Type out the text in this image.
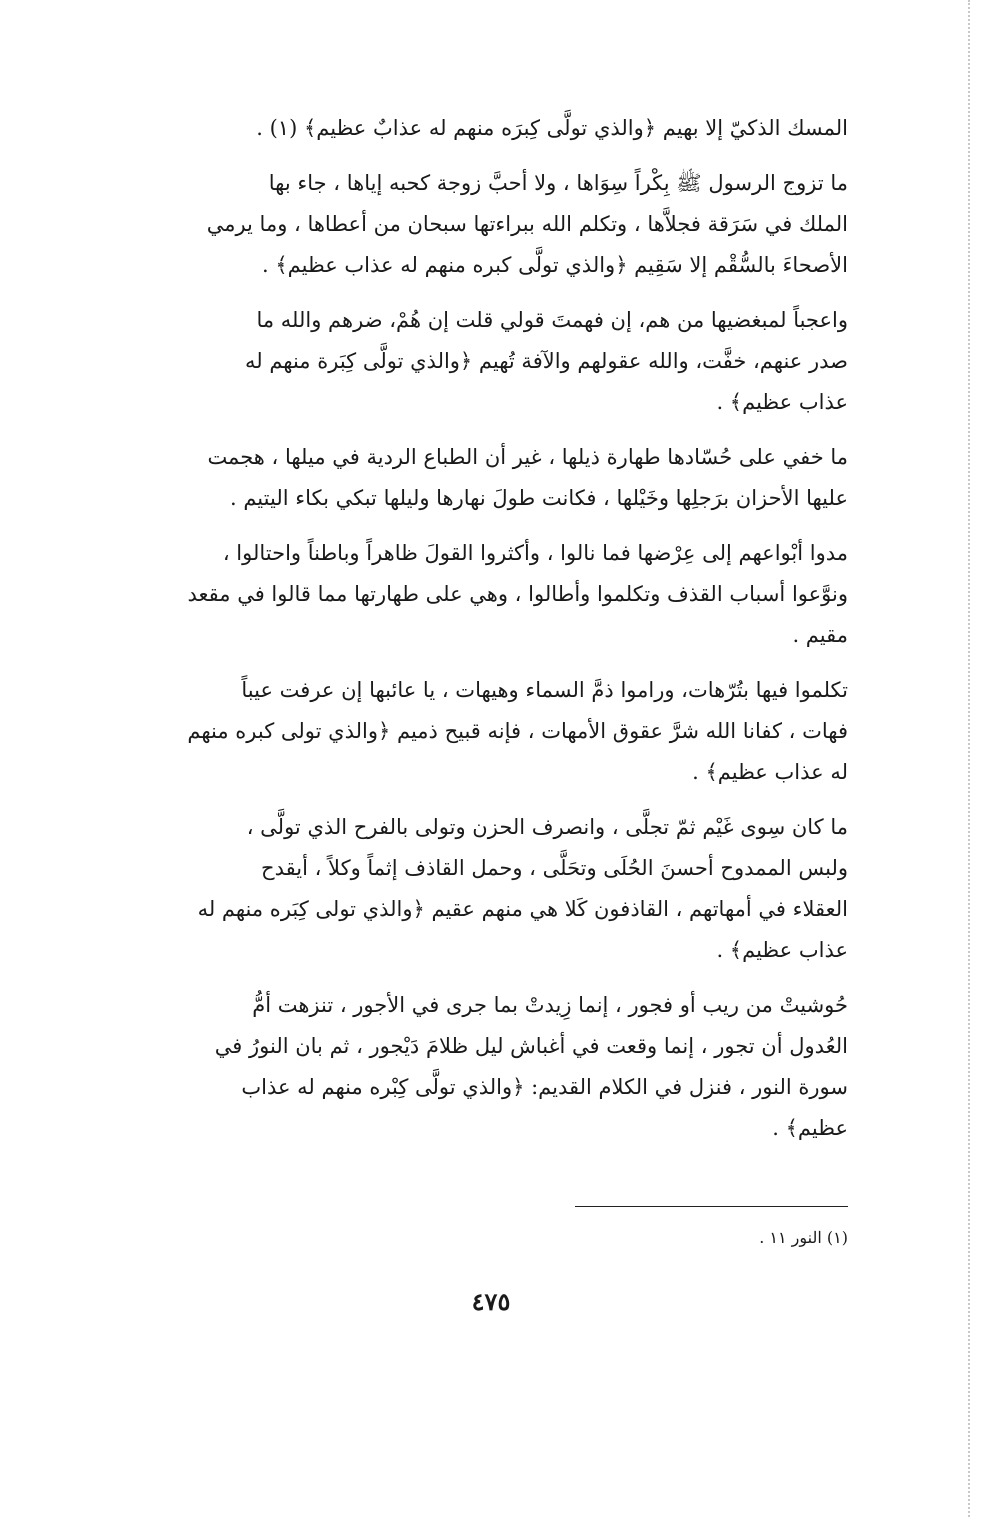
المسك الذكيّ إلا بهيم ﴿والذي تولَّى كِبرَه منهم له عذابٌ عظيم﴾ (١) .
ما تزوج الرسول ﷺ بِكْراً سِوَاها ، ولا أحبَّ زوجة كحبه إياها ، جاء بها
الملك في سَرَقة فجلاَّها ، وتكلم الله ببراءتها سبحان من أعطاها ، وما يرمي
الأصحاءَ بالسُّقْم إلا سَقِيم ﴿والذي تولَّى كبره منهم له عذاب عظيم﴾ .
واعجباً لمبغضيها من هم، إن فهمتَ قولي قلت إن هُمْ، ضرهم والله ما
صدر عنهم، خفَّت، والله عقولهم والآفة تُهيم ﴿والذي تولَّى كِبَرة منهم له
عذاب عظيم﴾ .
ما خفي على حُسّادها طهارة ذيلها ، غير أن الطباع الردية في ميلها ، هجمت
عليها الأحزان برَجلِها وخَيْلها ، فكانت طولَ نهارها وليلها تبكي بكاء اليتيم .
مدوا أبْواعهم إلى عِرْضها فما نالوا ، وأكثروا القولَ ظاهراً وباطناً واحتالوا ،
ونوَّعوا أسباب القذف وتكلموا وأطالوا ، وهي على طهارتها مما قالوا في مقعد
مقيم .
تكلموا فيها بتُرّهات، وراموا ذمَّ السماء وهيهات ، يا عائبها إن عرفت عيباً
فهات ، كفانا الله شرَّ عقوق الأمهات ، فإنه قبيح ذميم ﴿والذي تولى كبره منهم
له عذاب عظيم﴾ .
ما كان سِوى غَيْم ثمّ تجلَّى ، وانصرف الحزن وتولى بالفرح الذي تولَّى ،
ولبس الممدوح أحسنَ الحُلَى وتحَلَّى ، وحمل القاذف إثماً وكلاً ، أيقدح
العقلاء في أمهاتهم ، القاذفون كَلا هي منهم عقيم ﴿والذي تولى كِبَره منهم له
عذاب عظيم﴾ .
حُوشيتْ من ريب أو فجور ، إنما زِيدتْ بما جرى في الأجور ، تنزهت أمُّ
العُدول أن تجور ، إنما وقعت في أغباش ليل ظلامَ دَيْجور ، ثم بان النورُ في
سورة النور ، فنزل في الكلام القديم: ﴿والذي تولَّى كِبْره منهم له عذاب
عظيم﴾ .
(١) النور ١١ .
٤٧٥
